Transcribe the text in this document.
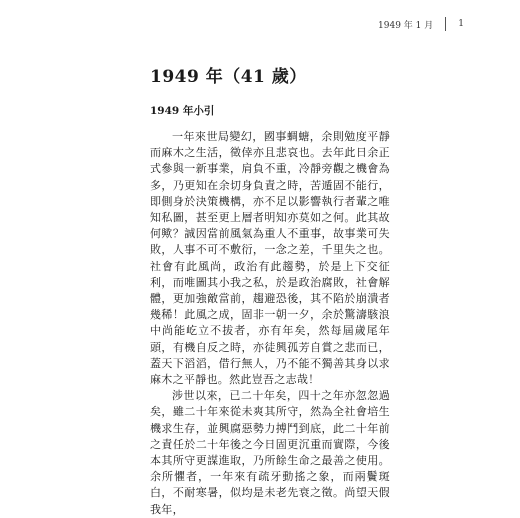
1949 年 1 月	1
1949 年（41 歲）
1949 年小引

一年來世局變幻，國事蜩螗，余則勉度平靜而麻木之生活，徵倖亦且悲哀也。去年此日余正式參與一新事業，肩負不重，冷靜旁觀之機會為多，乃更知在余切身負責之時，苦遁固不能行，即側身於決策機構，亦不足以影響執行者輩之唯知私圖，甚至更上層者明知亦莫如之何。此其故何歟？誠因當前風氣為重人不重事，故事業可失敗，人事不可不敷衍，一念之差，千里失之也。社會有此風尚，政治有此趨勢，於是上下交征利，而唯圖其小我之私，於是政治腐敗，社會解體，更加強敵當前，趨避恐後，其不陷於崩潰者幾稀！此風之成，固非一朝一夕，余於驚濤駭浪中尚能屹立不拔者，亦有年矣，然每屆歲尾年頭，有機自反之時，亦徒興孤芳自賞之悲而已，蓋天下滔滔，借行無人，乃不能不獨善其身以求麻木之平靜也。然此豈吾之志哉！

涉世以來，已二十年矣，四十之年亦忽忽過矣，雖二十年來從未爽其所守，然為全社會培生機求生存，並興腐惡勢力搏鬥到底，此二十年前之責任於二十年後之今日固更沉重而實際，今後本其所守更謀進取，乃所餘生命之最善之使用。余所懼者，一年來有疏牙動搖之象，而兩鬢斑白，不耐寒暑，似均是未老先衰之徵。尚望天假我年，
